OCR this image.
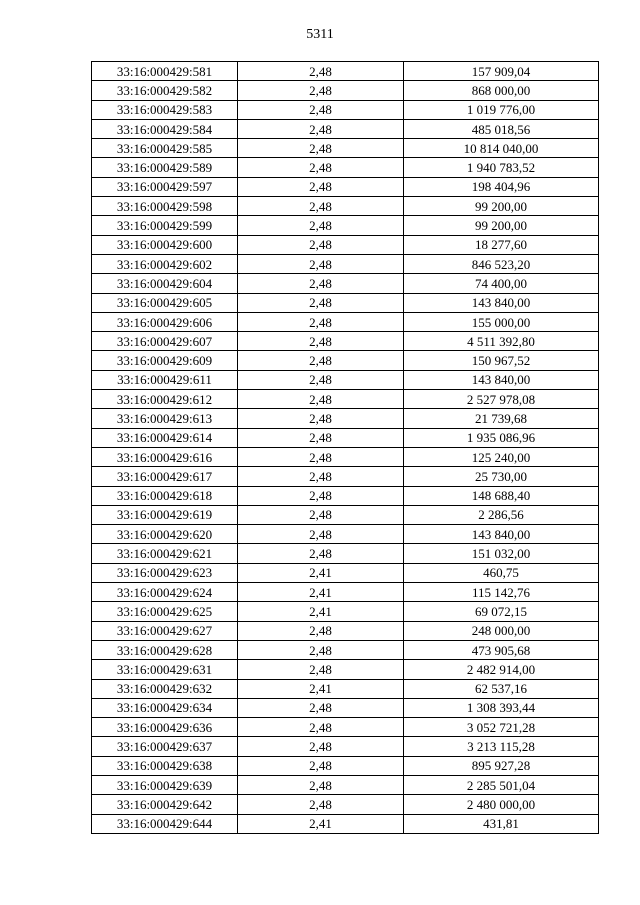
5311
33:16:000429:581	2,48	157 909,04
33:16:000429:582	2,48	868 000,00
33:16:000429:583	2,48	1 019 776,00
33:16:000429:584	2,48	485 018,56
33:16:000429:585	2,48	10 814 040,00
33:16:000429:589	2,48	1 940 783,52
33:16:000429:597	2,48	198 404,96
33:16:000429:598	2,48	99 200,00
33:16:000429:599	2,48	99 200,00
33:16:000429:600	2,48	18 277,60
33:16:000429:602	2,48	846 523,20
33:16:000429:604	2,48	74 400,00
33:16:000429:605	2,48	143 840,00
33:16:000429:606	2,48	155 000,00
33:16:000429:607	2,48	4 511 392,80
33:16:000429:609	2,48	150 967,52
33:16:000429:611	2,48	143 840,00
33:16:000429:612	2,48	2 527 978,08
33:16:000429:613	2,48	21 739,68
33:16:000429:614	2,48	1 935 086,96
33:16:000429:616	2,48	125 240,00
33:16:000429:617	2,48	25 730,00
33:16:000429:618	2,48	148 688,40
33:16:000429:619	2,48	2 286,56
33:16:000429:620	2,48	143 840,00
33:16:000429:621	2,48	151 032,00
33:16:000429:623	2,41	460,75
33:16:000429:624	2,41	115 142,76
33:16:000429:625	2,41	69 072,15
33:16:000429:627	2,48	248 000,00
33:16:000429:628	2,48	473 905,68
33:16:000429:631	2,48	2 482 914,00
33:16:000429:632	2,41	62 537,16
33:16:000429:634	2,48	1 308 393,44
33:16:000429:636	2,48	3 052 721,28
33:16:000429:637	2,48	3 213 115,28
33:16:000429:638	2,48	895 927,28
33:16:000429:639	2,48	2 285 501,04
33:16:000429:642	2,48	2 480 000,00
33:16:000429:644	2,41	431,81
